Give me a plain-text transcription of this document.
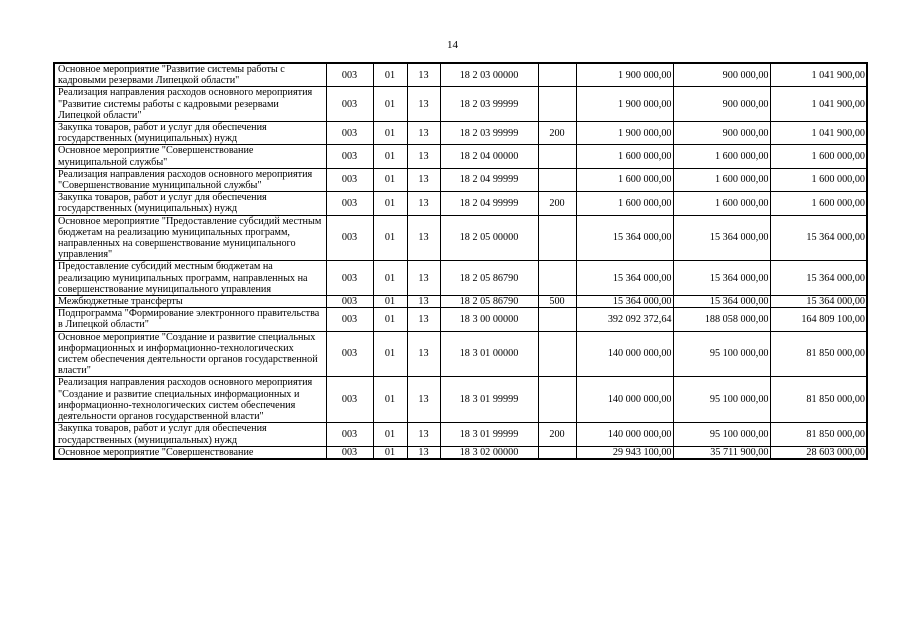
14
Основное мероприятие "Развитие системы работы с кадровыми резервами Липецкой области"	003	01	13	18 2 03 00000		1 900 000,00	900 000,00	1 041 900,00
Реализация направления расходов основного мероприятия "Развитие системы работы с кадровыми резервами Липецкой области"	003	01	13	18 2 03 99999		1 900 000,00	900 000,00	1 041 900,00
Закупка товаров, работ и услуг для обеспечения государственных (муниципальных) нужд	003	01	13	18 2 03 99999	200	1 900 000,00	900 000,00	1 041 900,00
Основное мероприятие "Совершенствование муниципальной службы"	003	01	13	18 2 04 00000		1 600 000,00	1 600 000,00	1 600 000,00
Реализация направления расходов основного мероприятия "Совершенствование муниципальной службы"	003	01	13	18 2 04 99999		1 600 000,00	1 600 000,00	1 600 000,00
Закупка товаров, работ и услуг для обеспечения государственных (муниципальных) нужд	003	01	13	18 2 04 99999	200	1 600 000,00	1 600 000,00	1 600 000,00
Основное мероприятие "Предоставление субсидий местным бюджетам на реализацию муниципальных программ, направленных на совершенствование муниципального управления"	003	01	13	18 2 05 00000		15 364 000,00	15 364 000,00	15 364 000,00
Предоставление субсидий местным бюджетам на реализацию муниципальных программ, направленных на совершенствование муниципального управления	003	01	13	18 2 05 86790		15 364 000,00	15 364 000,00	15 364 000,00
Межбюджетные трансферты	003	01	13	18 2 05 86790	500	15 364 000,00	15 364 000,00	15 364 000,00
Подпрограмма "Формирование электронного правительства в Липецкой области"	003	01	13	18 3 00 00000		392 092 372,64	188 058 000,00	164 809 100,00
Основное мероприятие "Создание и развитие специальных информационных и информационно-технологических систем обеспечения деятельности органов государственной власти"	003	01	13	18 3 01 00000		140 000 000,00	95 100 000,00	81 850 000,00
Реализация направления расходов основного мероприятия "Создание и развитие специальных информационных и информационно-технологических систем обеспечения деятельности органов государственной власти"	003	01	13	18 3 01 99999		140 000 000,00	95 100 000,00	81 850 000,00
Закупка товаров, работ и услуг для обеспечения государственных (муниципальных) нужд	003	01	13	18 3 01 99999	200	140 000 000,00	95 100 000,00	81 850 000,00
Основное мероприятие "Совершенствование	003	01	13	18 3 02 00000		29 943 100,00	35 711 900,00	28 603 000,00
